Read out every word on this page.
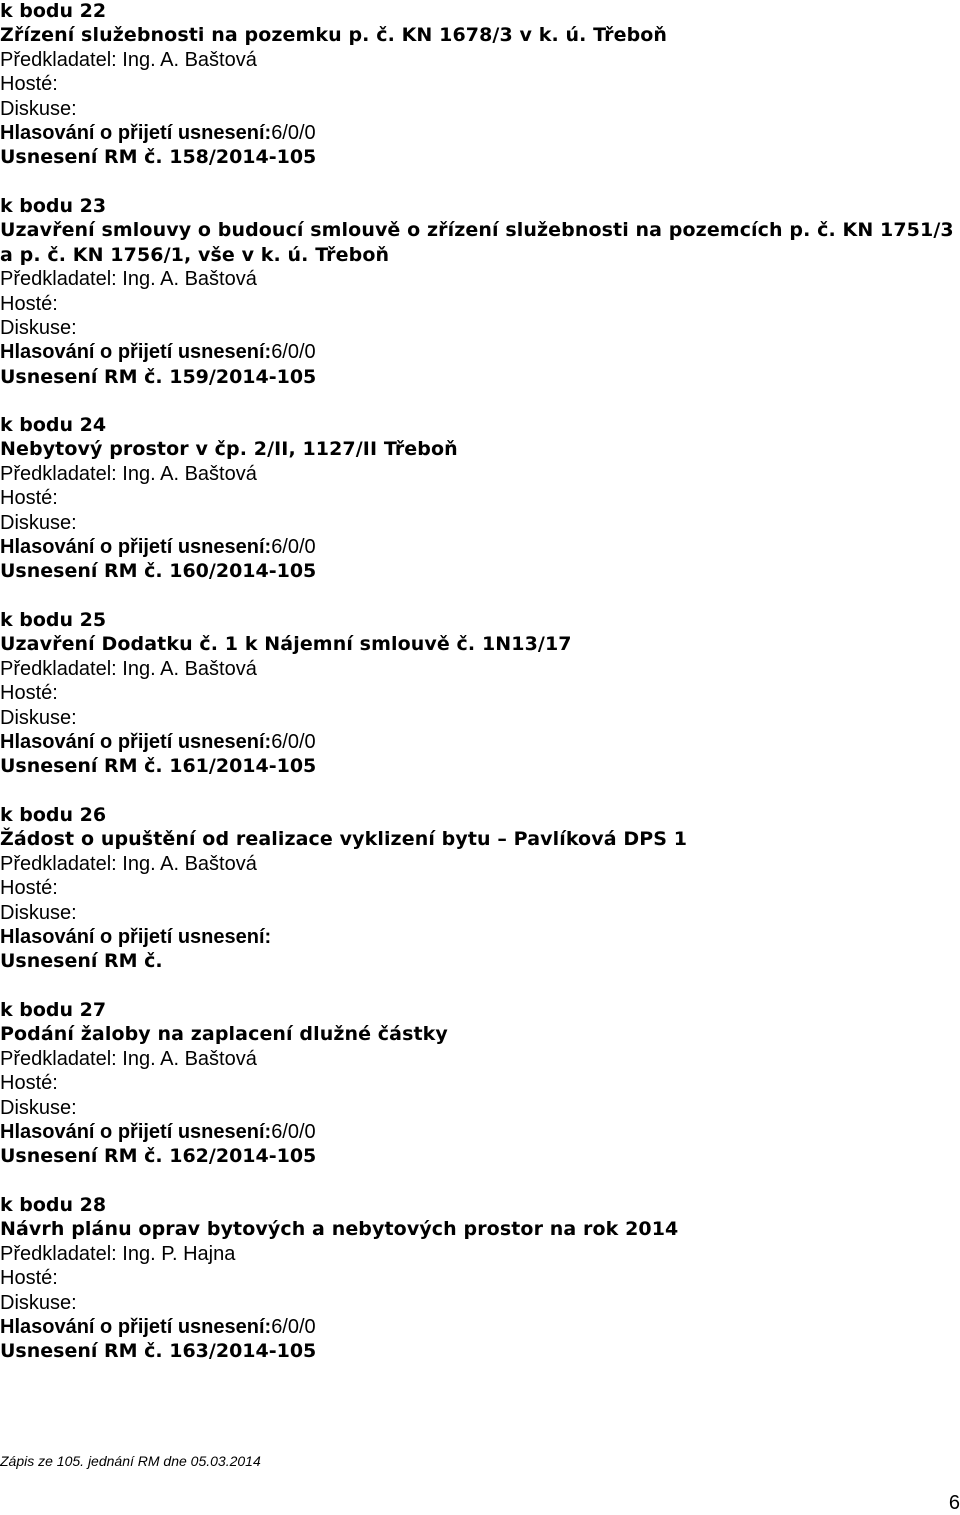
k bodu 22
Zřízení služebnosti na pozemku p. č. KN 1678/3 v k. ú. Třeboň
Předkladatel: Ing. A. Baštová
Hosté:
Diskuse:
Hlasování o přijetí usnesení:6/0/0
Usnesení RM č. 158/2014-105
k bodu 23
Uzavření smlouvy o budoucí smlouvě o zřízení služebnosti na pozemcích p. č. KN 1751/3
a p. č. KN 1756/1, vše v k. ú. Třeboň
Předkladatel: Ing. A. Baštová
Hosté:
Diskuse:
Hlasování o přijetí usnesení:6/0/0
Usnesení RM č. 159/2014-105
k bodu 24
Nebytový prostor v čp. 2/II, 1127/II Třeboň
Předkladatel: Ing. A. Baštová
Hosté:
Diskuse:
Hlasování o přijetí usnesení:6/0/0
Usnesení RM č. 160/2014-105
k bodu 25
Uzavření Dodatku č. 1 k Nájemní smlouvě č. 1N13/17
Předkladatel: Ing. A. Baštová
Hosté:
Diskuse:
Hlasování o přijetí usnesení:6/0/0
Usnesení RM č. 161/2014-105
k bodu 26
Žádost o upuštění od realizace vyklizení bytu – Pavlíková DPS 1
Předkladatel: Ing. A. Baštová
Hosté:
Diskuse:
Hlasování o přijetí usnesení:
Usnesení RM č.
k bodu 27
Podání žaloby na zaplacení dlužné částky
Předkladatel: Ing. A. Baštová
Hosté:
Diskuse:
Hlasování o přijetí usnesení:6/0/0
Usnesení RM č. 162/2014-105
k bodu 28
Návrh plánu oprav bytových a nebytových prostor na rok 2014
Předkladatel: Ing. P. Hajna
Hosté:
Diskuse:
Hlasování o přijetí usnesení:6/0/0
Usnesení RM č. 163/2014-105
Zápis ze 105. jednání RM dne 05.03.2014
6
